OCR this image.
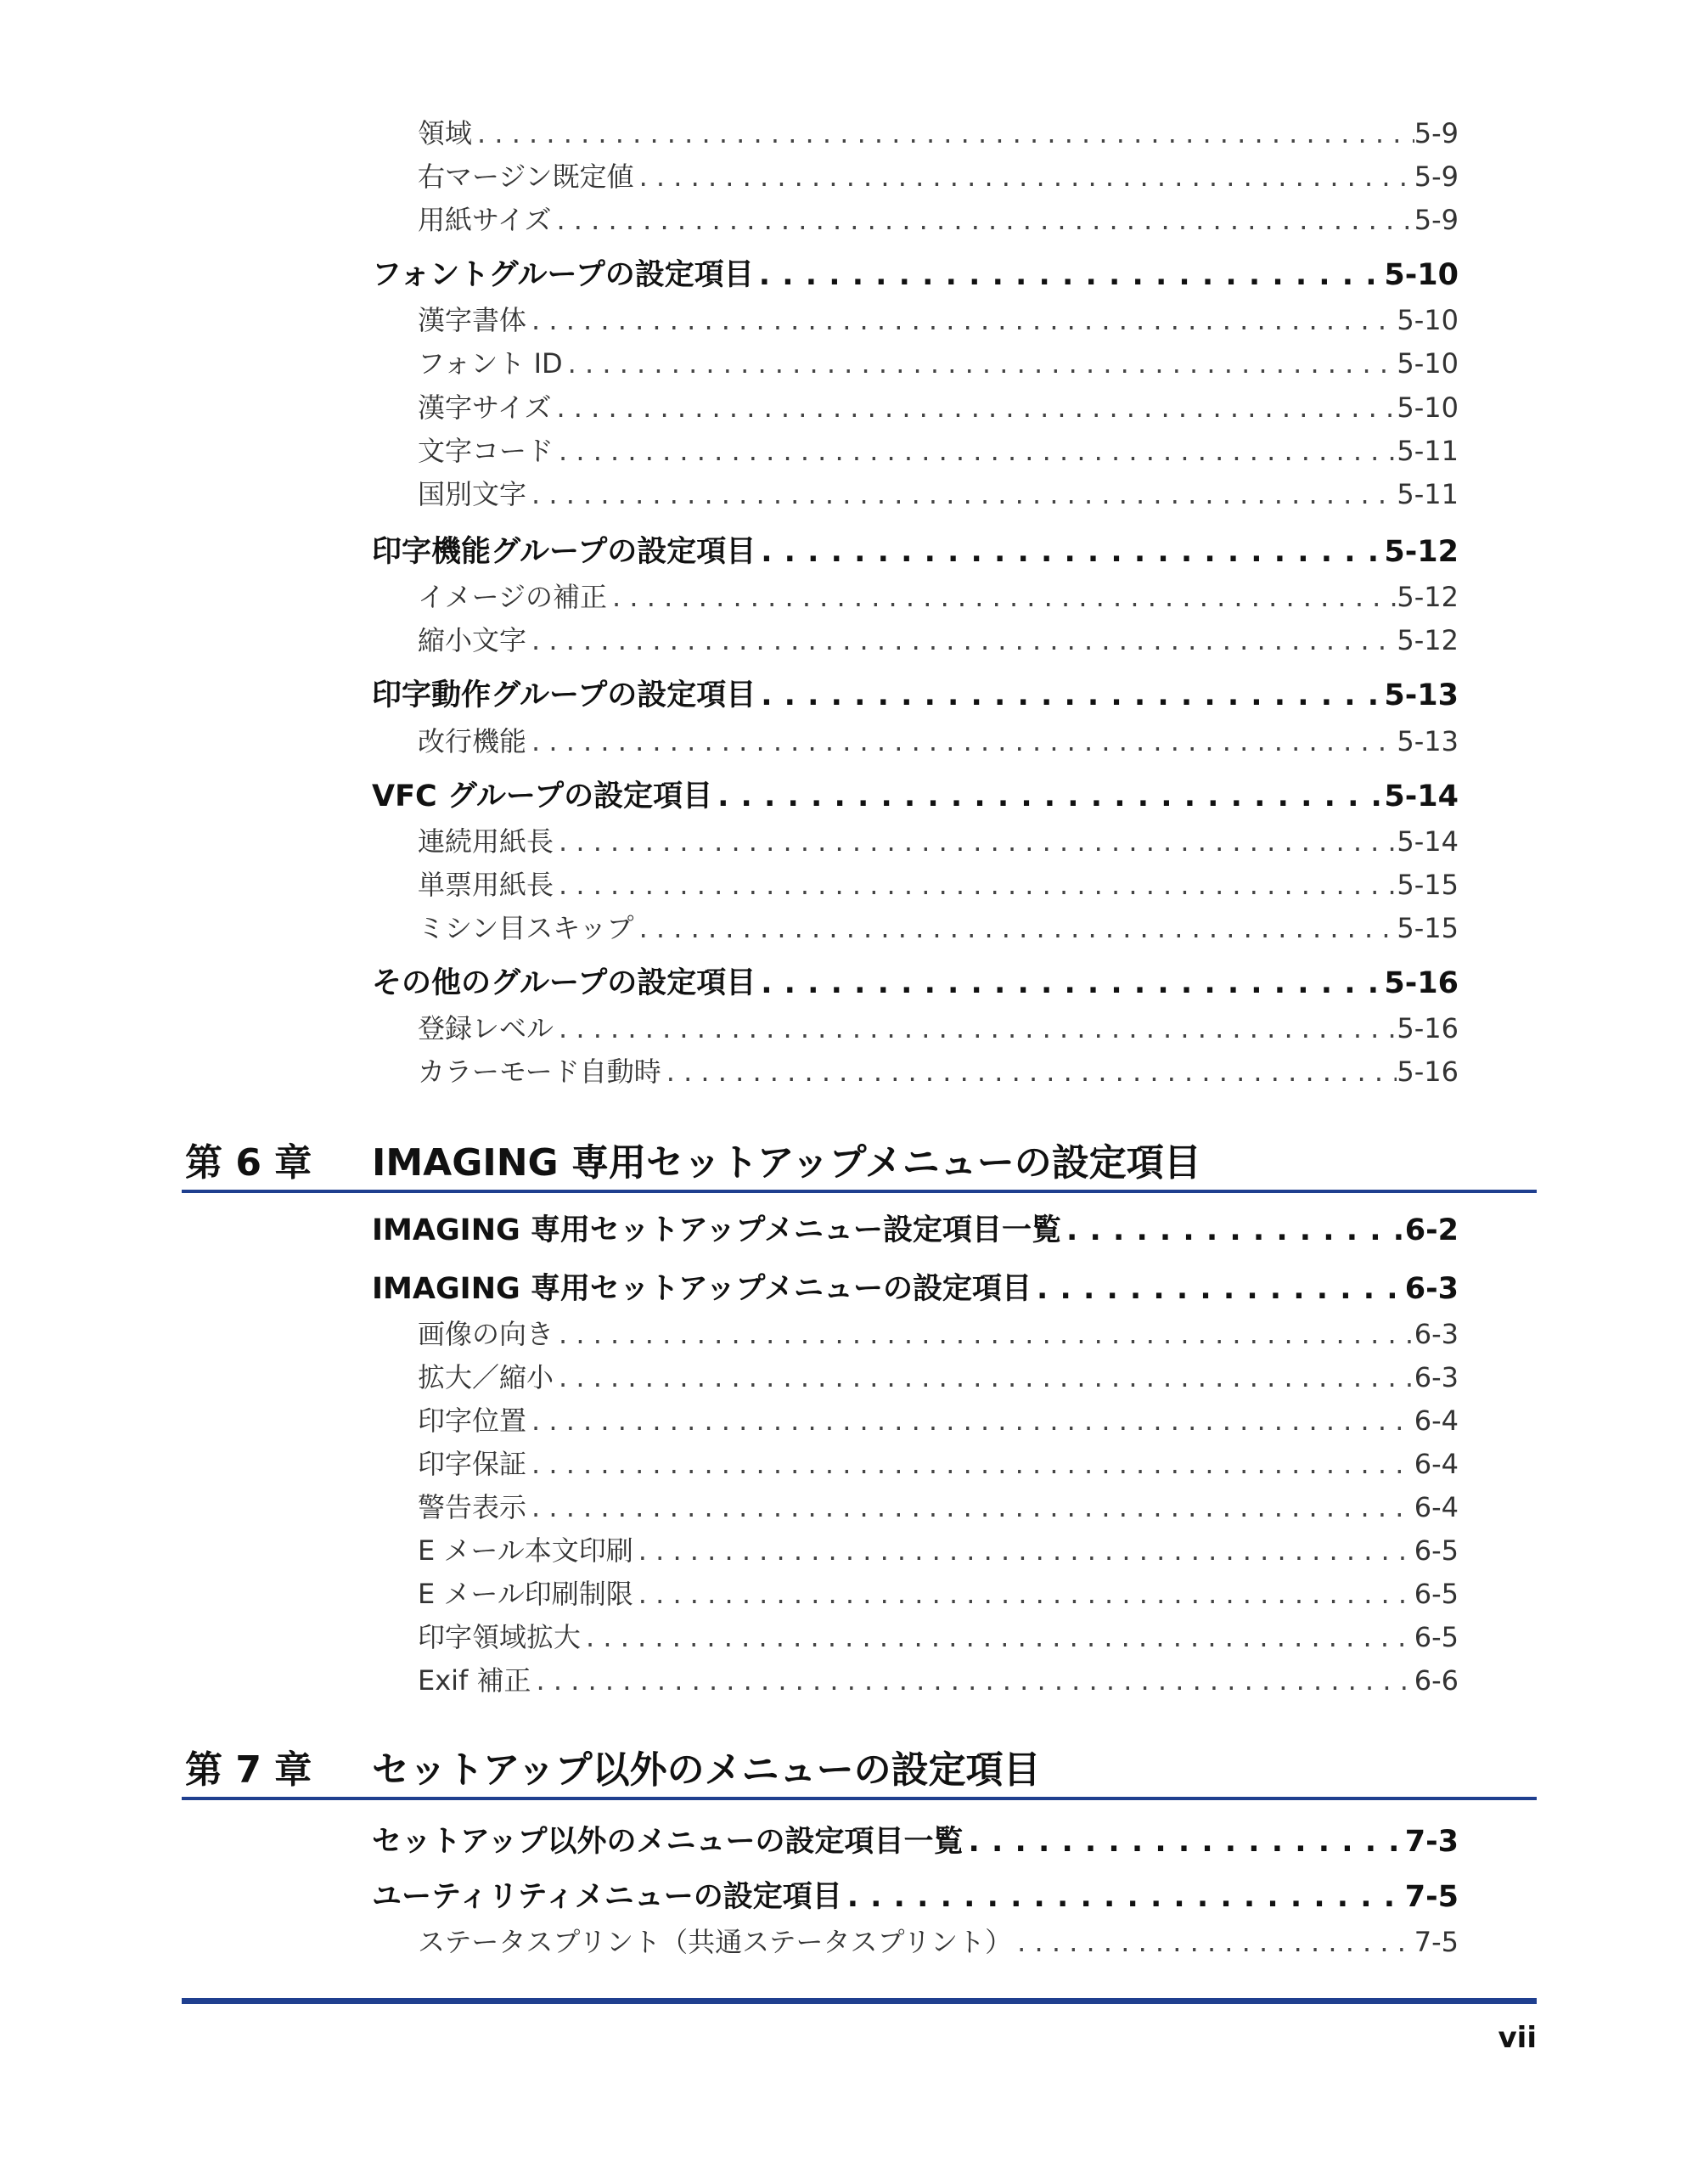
領域 . . .	5-9
右マージン既定値 . . .	5-9
用紙サイズ . . .	5-9
フォントグループの設定項目 . . .	5-10
漢字書体 . . .	5-10
フォント ID . . .	5-10
漢字サイズ . . .	5-10
文字コード . . .	5-11
国別文字 . . .	5-11
印字機能グループの設定項目 . . .	5-12
イメージの補正 . . .	5-12
縮小文字 . . .	5-12
印字動作グループの設定項目 . . .	5-13
改行機能 . . .	5-13
VFC グループの設定項目 . . .	5-14
連続用紙長 . . .	5-14
単票用紙長 . . .	5-15
ミシン目スキップ . . .	5-15
その他のグループの設定項目 . . .	5-16
登録レベル . . .	5-16
カラーモード自動時 . . .	5-16
第 6 章 IMAGING 専用セットアップメニューの設定項目
IMAGING 専用セットアップメニュー設定項目一覧 . . .	6-2
IMAGING 専用セットアップメニューの設定項目 . . .	6-3
画像の向き . . .	6-3
拡大／縮小 . . .	6-3
印字位置 . . .	6-4
印字保証 . . .	6-4
警告表示 . . .	6-4
E メール本文印刷 . . .	6-5
E メール印刷制限 . . .	6-5
印字領域拡大 . . .	6-5
Exif 補正 . . .	6-6
第 7 章 セットアップ以外のメニューの設定項目
セットアップ以外のメニューの設定項目一覧 . . .	7-3
ユーティリティメニューの設定項目 . . .	7-5
ステータスプリント（共通ステータスプリント） . . .	7-5
vii
